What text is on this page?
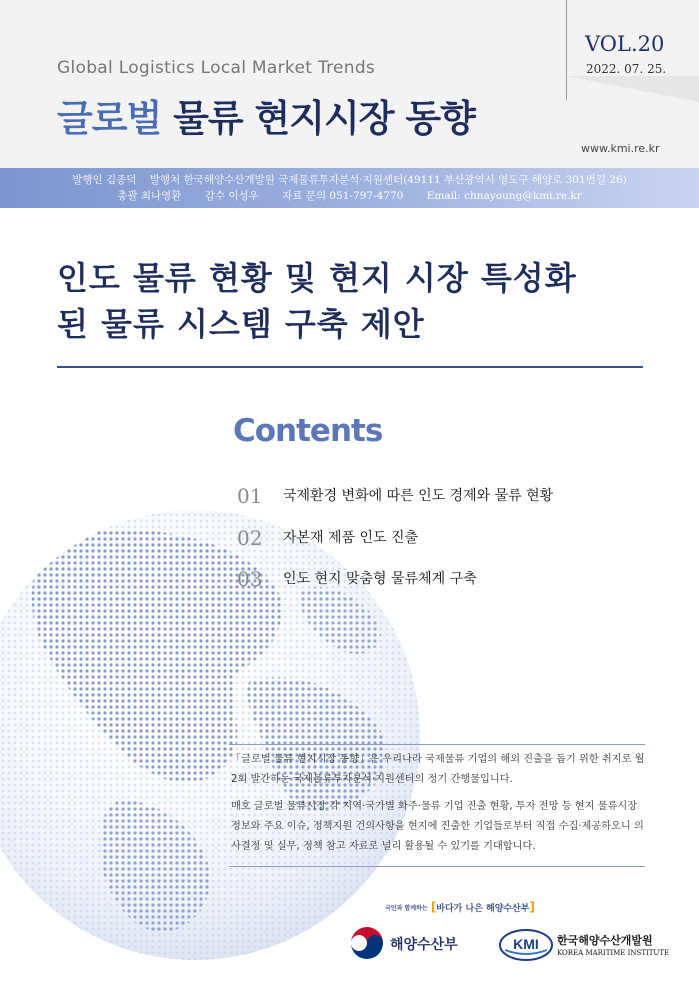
VOL.20
2022. 07. 25.
Global Logistics Local Market Trends
글로벌 물류 현지시장 동향
www.kmi.re.kr
발행인 김종덕    발행처 한국해양수산개발원 국제물류투자분석·지원센터(49111 부산광역시 영도구 해양로 301번길 26)
총괄 최나영환       감수 이성우       자료 문의 051-797-4770       Email: chnayoung@kmi.re.kr
인도 물류 현황 및 현지 시장 특성화
된 물류 시스템 구축 제안
Contents
01 국제환경 변화에 따른 인도 경제와 물류 현황
02 자본재 제품 인도 진출
03 인도 현지 맞춤형 물류체계 구축
「글로벌 물류 현지시장 동향」은 우리나라 국제물류 기업의 해외 진출을 돕기 위한 취지로 월 2회 발간하는 국제물류투자분석·지원센터의 정기 간행물입니다.
매호 글로벌 물류시장 각 지역·국가별 화주·물류 기업 진출 현황, 투자 전망 등 현지 물류시장 정보와 주요 이슈, 정책지원 건의사항을 현지에 진출한 기업들로부터 직접 수집·제공하오니 의사결정 및 실무, 정책 참고 자료로 널리 활용될 수 있기를 기대합니다.
국민과 함께하는 [바다가 나은 해양수산부]
해양수산부	KMI 한국해양수산개발원
KOREA MARITIME INSTITUTE
